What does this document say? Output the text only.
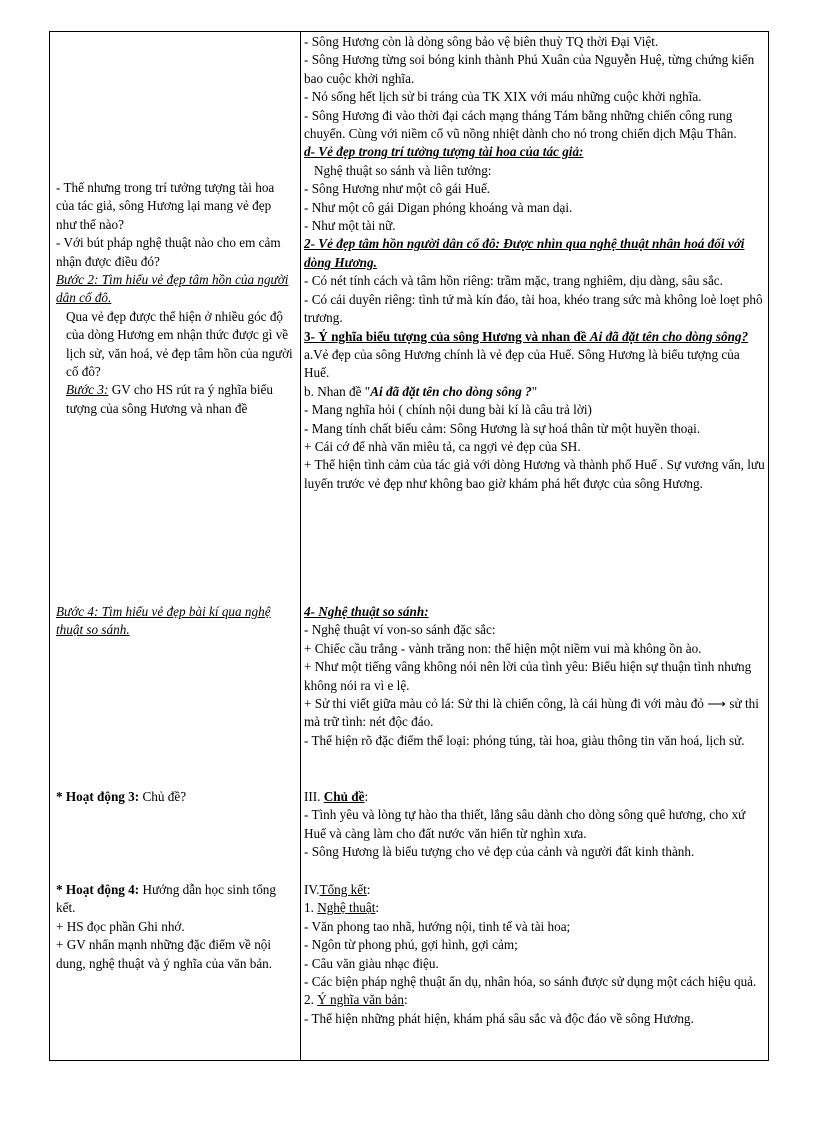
- Thế nhưng trong trí tưởng tượng tài hoa của tác giả, sông Hương lại mang vẻ đẹp như thế nào?

- Với bút pháp nghệ thuật nào cho em cảm nhận được điều đó?

Bước 2: Tìm hiểu vẻ đẹp tâm hồn của người dân cố đô.

Qua vẻ đẹp được thể hiện ở nhiều góc độ của dòng Hương em nhận thức được gì về lịch sử, văn hoá, vẻ đẹp tâm hồn của người cố đô?

Bước 3: GV cho HS rút ra ý nghĩa biểu tượng của sông Hương và nhan đề

Bước 4: Tìm hiểu vẻ đẹp bài kí qua nghệ thuật so sánh.

* Hoạt động 3: Chủ đề?

* Hoạt động 4: Hướng dẫn học sinh tổng kết.

+ HS đọc phần Ghi nhớ.

+ GV nhấn mạnh những đặc điểm về nội dung, nghệ thuật và ý nghĩa của văn bản.

- Sông Hương còn là dòng sông bảo vệ biên thuỳ TQ thời Đại Việt.

- Sông Hương từng soi bóng kinh thành Phú Xuân của Nguyễn Huệ, từng chứng kiến bao cuộc khởi nghĩa.

- Nó sống hết lịch sử bi tráng của TK XIX với máu những cuộc khởi nghĩa.

- Sông Hương đi vào thời đại cách mạng tháng Tám bằng những chiến công rung chuyển. Cùng với niềm cổ vũ nồng nhiệt dành cho nó trong chiến dịch Mậu Thân.

d- Vẻ đẹp trong trí tưởng tượng tài hoa của tác giả:

Nghệ thuật so sánh và liên tưởng:

- Sông Hương như một cô gái Huế.

- Như một cô gái Digan phóng khoáng và man dại.

- Như một tài nữ.

2- Vẻ đẹp tâm hồn người dân cố đô: Được nhìn qua nghệ thuật nhân hoá đối với dòng Hương.

- Có nét tính cách và tâm hồn riêng: trầm mặc, trang nghiêm, dịu dàng, sâu sắc.

- Có cái duyên riêng: tình tứ mà kín đáo, tài hoa, khéo trang sức mà không loè loẹt phô trương.

3- Ý nghĩa biểu tượng của sông Hương và nhan đề Ai đã đặt tên cho dòng sông?

a.Vẻ đẹp của sông Hương chính là vẻ đẹp của Huế. Sông Hương là biểu tượng của Huế.

b. Nhan đề "Ai đã đặt tên cho dòng sông ?"

- Mang nghĩa hỏi ( chính nội dung bài kí là câu trả lời)

- Mang tính chất biểu cảm: Sông Hương là sự hoá thân từ một huyền thoại.

+ Cái cớ để nhà văn miêu tả, ca ngợi vẻ đẹp của SH.

+ Thể hiện tình cảm của tác giả với dòng Hương và thành phố Huế . Sự vương vấn, lưu luyến trước vẻ đẹp như không bao giờ khám phá hết được của sông Hương.

4- Nghệ thuật so sánh:

- Nghệ thuật ví von-so sánh đặc sắc:

+ Chiếc cầu trắng - vành trăng non: thể hiện một niềm vui mà không ồn ào.

+ Như một tiếng vâng không nói nên lời của tình yêu: Biểu hiện sự thuận tình nhưng không nói ra vì e lệ.

+ Sử thi viết giữa màu cỏ lá: Sử thi là chiến công, là cái hùng đi với màu đỏ ⟶ sử thi mà trữ tình: nét độc đáo.

- Thể hiện rõ đặc điểm thể loại: phóng túng, tài hoa, giàu thông tin văn hoá, lịch sử.

III. Chủ đề:

- Tình yêu và lòng tự hào tha thiết, lắng sâu dành cho dòng sông quê hương, cho xứ Huế và càng làm cho đất nước văn hiến từ nghìn xưa.

- Sông Hương là biểu tượng cho vẻ đẹp của cảnh và người đất kinh thành.

IV.Tổng kết:

1. Nghệ thuật:

- Văn phong tao nhã, hướng nội, tinh tế và tài hoa;

- Ngôn từ phong phú, gợi hình, gợi cảm;

- Câu văn giàu nhạc điệu.

- Các biện pháp nghệ thuật ẩn dụ, nhân hóa, so sánh được sử dụng một cách hiệu quả.

2. Ý nghĩa văn bản:

- Thể hiện những phát hiện, khám phá sâu sắc và độc đáo về sông Hương.
